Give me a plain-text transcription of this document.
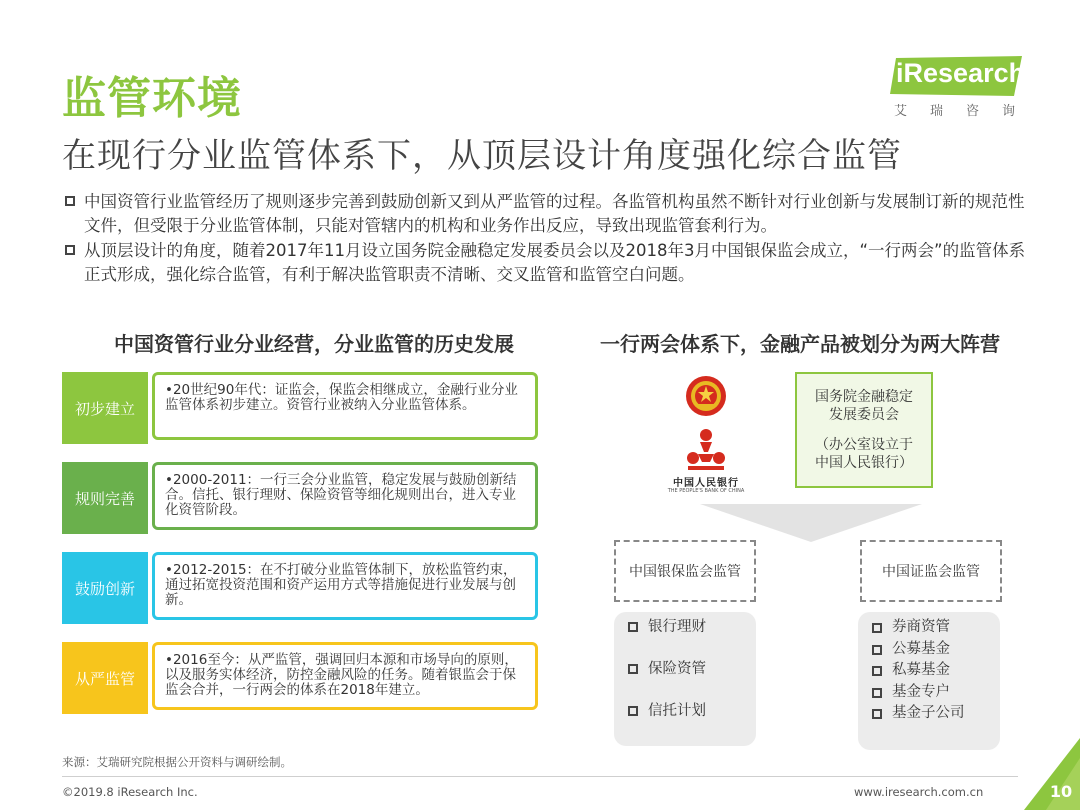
监管环境
在现行分业监管体系下，从顶层设计角度强化综合监管
iResearch
艾瑞咨询
中国资管行业监管经历了规则逐步完善到鼓励创新又到从严监管的过程。各监管机构虽然不断针对行业创新与发展制订新的规范性文件，但受限于分业监管体制，只能对管辖内的机构和业务作出反应，导致出现监管套利行为。
从顶层设计的角度，随着2017年11月设立国务院金融稳定发展委员会以及2018年3月中国银保监会成立，“一行两会”的监管体系正式形成，强化综合监管，有利于解决监管职责不清晰、交叉监管和监管空白问题。
中国资管行业分业经营，分业监管的历史发展	一行两会体系下，金融产品被划分为两大阵营
初步建立
•20世纪90年代：证监会，保监会相继成立，金融行业分业监管体系初步建立。资管行业被纳入分业监管体系。
规则完善
•2000-2011：一行三会分业监管，稳定发展与鼓励创新结合。信托、银行理财、保险资管等细化规则出台，进入专业化资管阶段。
鼓励创新
•2012-2015：在不打破分业监管体制下，放松监管约束，通过拓宽投资范围和资产运用方式等措施促进行业发展与创新。
从严监管
•2016至今：从严监管，强调回归本源和市场导向的原则，以及服务实体经济，防控金融风险的任务。随着银监会于保监会合并，一行两会的体系在2018年建立。
中国人民银行
THE PEOPLE'S BANK OF CHINA
国务院金融稳定
发展委员会
（办公室设立于
中国人民银行）
中国银保监会监管	中国证监会监管
银行理财
保险资管
信托计划
券商资管
公募基金
私募基金
基金专户
基金子公司
来源：艾瑞研究院根据公开资料与调研绘制。
©2019.8 iResearch Inc.	www.iresearch.com.cn	10
